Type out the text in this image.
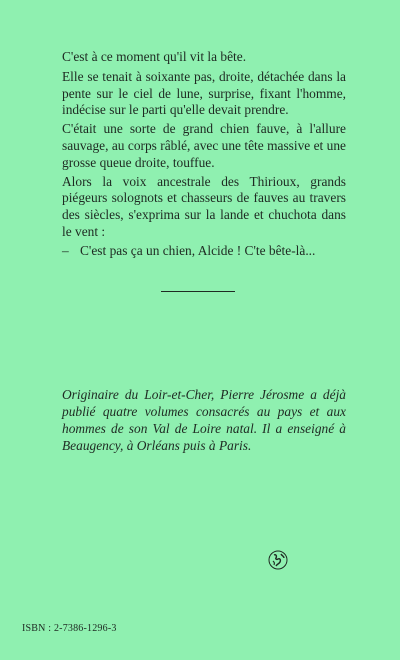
C'est à ce moment qu'il vit la bête.

Elle se tenait à soixante pas, droite, détachée dans la pente sur le ciel de lune, surprise, fixant l'homme, indécise sur le parti qu'elle devait prendre.

C'était une sorte de grand chien fauve, à l'allure sauvage, au corps râblé, avec une tête massive et une grosse queue droite, touffue.

Alors la voix ancestrale des Thirioux, grands piégeurs solognots et chasseurs de fauves au travers des siècles, s'exprima sur la lande et chuchota dans le vent :

– C'est pas ça un chien, Alcide ! C'te bête-là...

Originaire du Loir-et-Cher, Pierre Jérosme a déjà publié quatre volumes consacrés au pays et aux hommes de son Val de Loire natal. Il a enseigné à Beaugency, à Orléans puis à Paris.

ISBN : 2-7386-1296-3
